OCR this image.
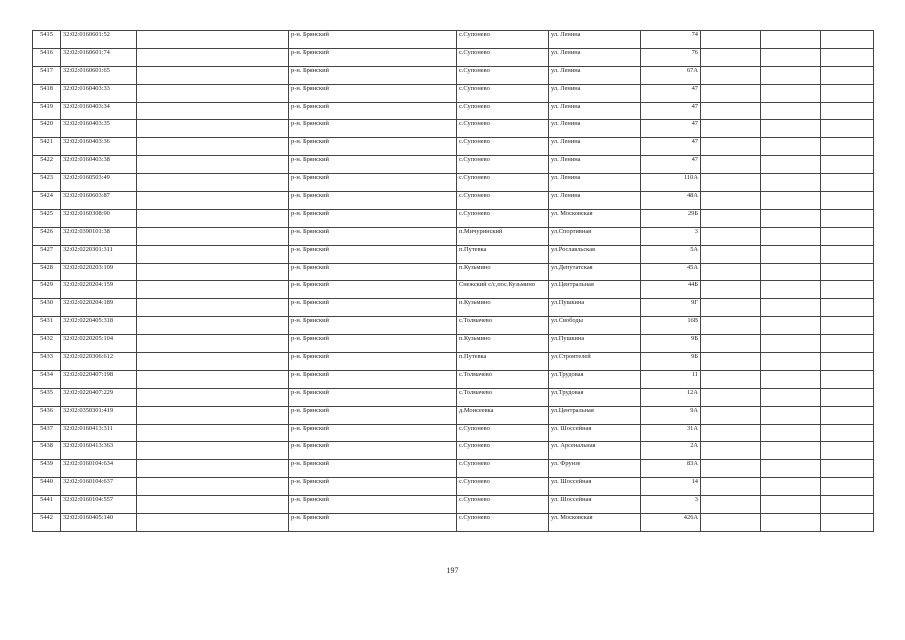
5415	32:02:0160601:52		р-н. Брянский	с.Супонево	ул. Ленина	74			
5416	32:02:0160601:74		р-н. Брянский	с.Супонево	ул. Ленина	76			
5417	32:02:0160601:65		р-н. Брянский	с.Супонево	ул. Ленина	67А			
5418	32:02:0160403:33		р-н. Брянский	с.Супонево	ул. Ленина	47			
5419	32:02:0160403:34		р-н. Брянский	с.Супонево	ул. Ленина	47			
5420	32:02:0160403:35		р-н. Брянский	с.Супонево	ул. Ленина	47			
5421	32:02:0160403:36		р-н. Брянский	с.Супонево	ул. Ленина	47			
5422	32:02:0160403:38		р-н. Брянский	с.Супонево	ул. Ленина	47			
5423	32:02:0160503:49		р-н. Брянский	с.Супонево	ул. Ленина	110А			
5424	32:02:0160603:87		р-н. Брянский	с.Супонево	ул. Ленина	48А			
5425	32:02:0160308:90		р-н. Брянский	с.Супонево	ул. Московская	29Б			
5426	32:02:0390101:38		р-н. Брянский	п.Мичуринский	ул.Спортивная	3			
5427	32:02:0220301:311		р-н. Брянский	п.Путевка	ул.Рославльская	5А			
5428	32:02:0220203:109		р-н. Брянский	п.Кузьмино	ул.Депутатская	45А			
5429	32:02:0220204:159		р-н. Брянский	Снежский с/с,пос.Кузьмино	ул.Центральная	44Б			
5430	32:02:0220204:189		р-н. Брянский	п.Кузьмино	ул.Пушкина	9Г			
5431	32:02:0220405:318		р-н. Брянский	с.Толмачево	ул.Свободы	16В			
5432	32:02:0220205:104		р-н. Брянский	п.Кузьмино	ул.Пушкина	9Б			
5433	32:02:0220306:612		р-н. Брянский	п.Путевка	ул.Строителей	9Б			
5434	32:02:0220407:198		р-н. Брянский	с.Толмачево	ул.Трудовая	11			
5435	32:02:0220407:229		р-н. Брянский	с.Толмачево	ул.Трудовая	12А			
5436	32:02:0350301:419		р-н. Брянский	д.Моисеевка	ул.Центральная	9А			
5437	32:02:0160413:311		р-н. Брянский	с.Супонево	ул. Шоссейная	31А			
5438	32:02:0160413:363		р-н. Брянский	с.Супонево	ул. Арсенальная	2А			
5439	32:02:0160104:634		р-н. Брянский	с.Супонево	ул. Фрунзе	83А			
5440	32:02:0160104:637		р-н. Брянский	с.Супонево	ул. Шоссейная	14			
5441	32:02:0160104:557		р-н. Брянский	с.Супонево	ул. Шоссейная	3			
5442	32:02:0160405:140		р-н. Брянский	с.Супонево	ул. Московская	426А			
197
